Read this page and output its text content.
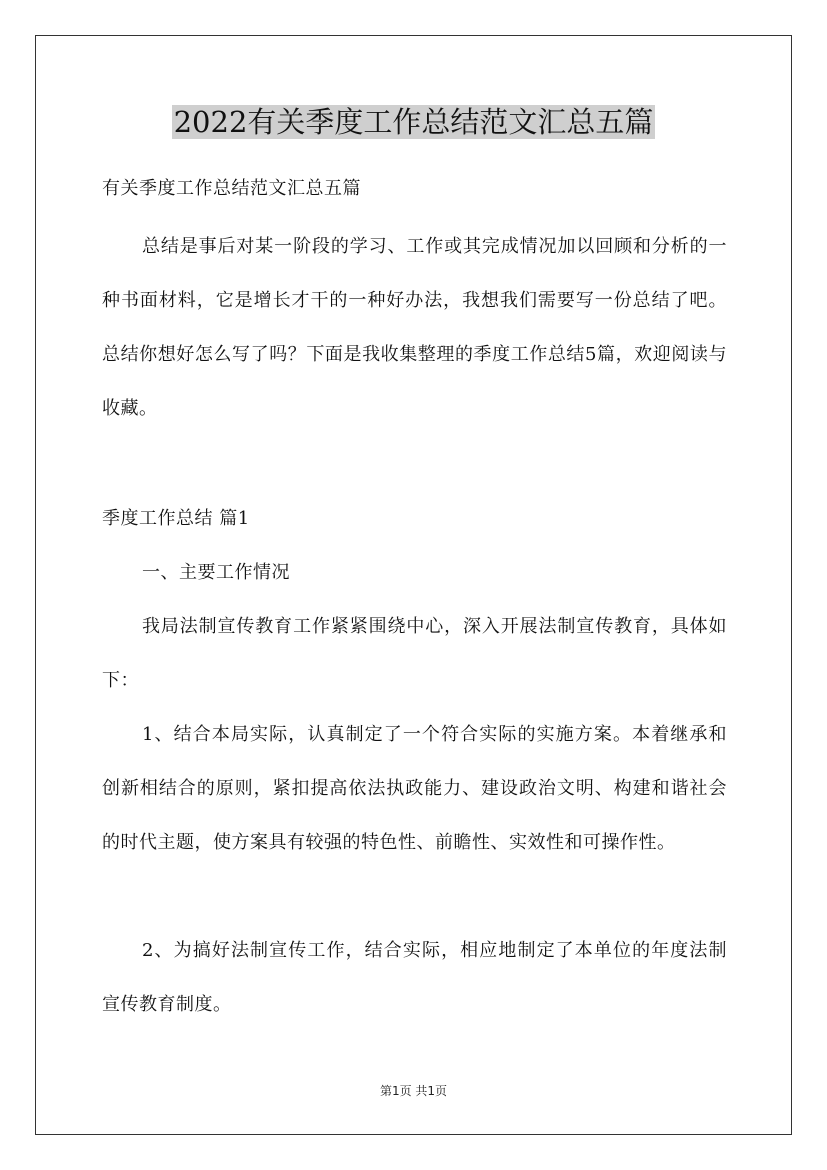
2022有关季度工作总结范文汇总五篇

有关季度工作总结范文汇总五篇

总结是事后对某一阶段的学习、工作或其完成情况加以回顾和分析的一种书面材料，它是增长才干的一种好办法，我想我们需要写一份总结了吧。总结你想好怎么写了吗？下面是我收集整理的季度工作总结5篇，欢迎阅读与收藏。

季度工作总结 篇1

一、主要工作情况

我局法制宣传教育工作紧紧围绕中心，深入开展法制宣传教育，具体如下：

1、结合本局实际，认真制定了一个符合实际的实施方案。本着继承和创新相结合的原则，紧扣提高依法执政能力、建设政治文明、构建和谐社会的时代主题，使方案具有较强的特色性、前瞻性、实效性和可操作性。

2、为搞好法制宣传工作，结合实际，相应地制定了本单位的年度法制宣传教育制度。

第1页 共1页
